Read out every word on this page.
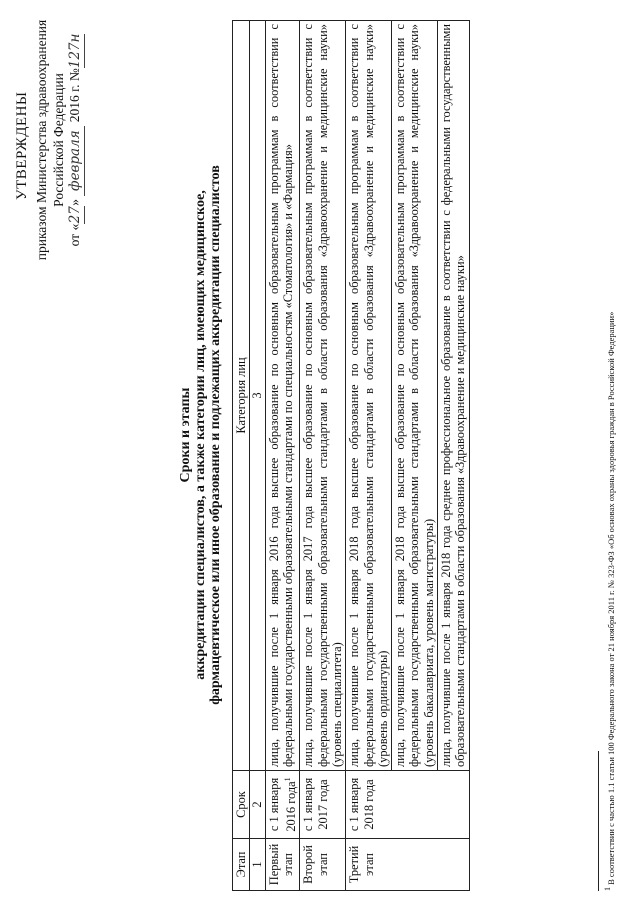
УТВЕРЖДЕНЫ приказом Министерства здравоохранения Российской Федерации
от «27» февраля 2016 г. №127н
Сроки и этапы аккредитации специалистов, а также категории лиц, имеющих медицинское, фармацевтическое или иное образование и подлежащих аккредитации специалистов
Этап	Срок	Категория лиц
1	2	3
Первый этап	с 1 января 2016 года$^1$	лица, получившие после 1 января 2016 года высшее образование по основным образовательным программам в соответствии с федеральными государственными образовательными стандартами по специальностям «Стоматология» и «Фармация»
Второй этап	с 1 января 2017 года	лица, получившие после 1 января 2017 года высшее образование по основным образовательным программам в соответствии с федеральными государственными образовательными стандартами в области образования «Здравоохранение и медицинские науки» (уровень специалитета)
Третий этап	с 1 января 2018 года	лица, получившие после 1 января 2018 года высшее образование по основным образовательным программам в соответствии с федеральными государственными образовательными стандартами в области образования «Здравоохранение и медицинские науки» (уровень ординатуры)
		лица, получившие после 1 января 2018 года высшее образование по основным образовательным программам в соответствии с федеральными государственными образовательными стандартами в области образования «Здравоохранение и медицинские науки» (уровень бакалавриата, уровень магистратуры)
		лица, получившие после 1 января 2018 года среднее профессиональное образование в соответствии с федеральными государственными образовательными стандартами в области образования «Здравоохранение и медицинские науки»
$^1$ В соответствии с частью 1.1 статьи 100 Федерального закона от 21 ноября 2011 г. № 323-ФЗ «Об основах охраны здоровья граждан в Российской Федерации»
